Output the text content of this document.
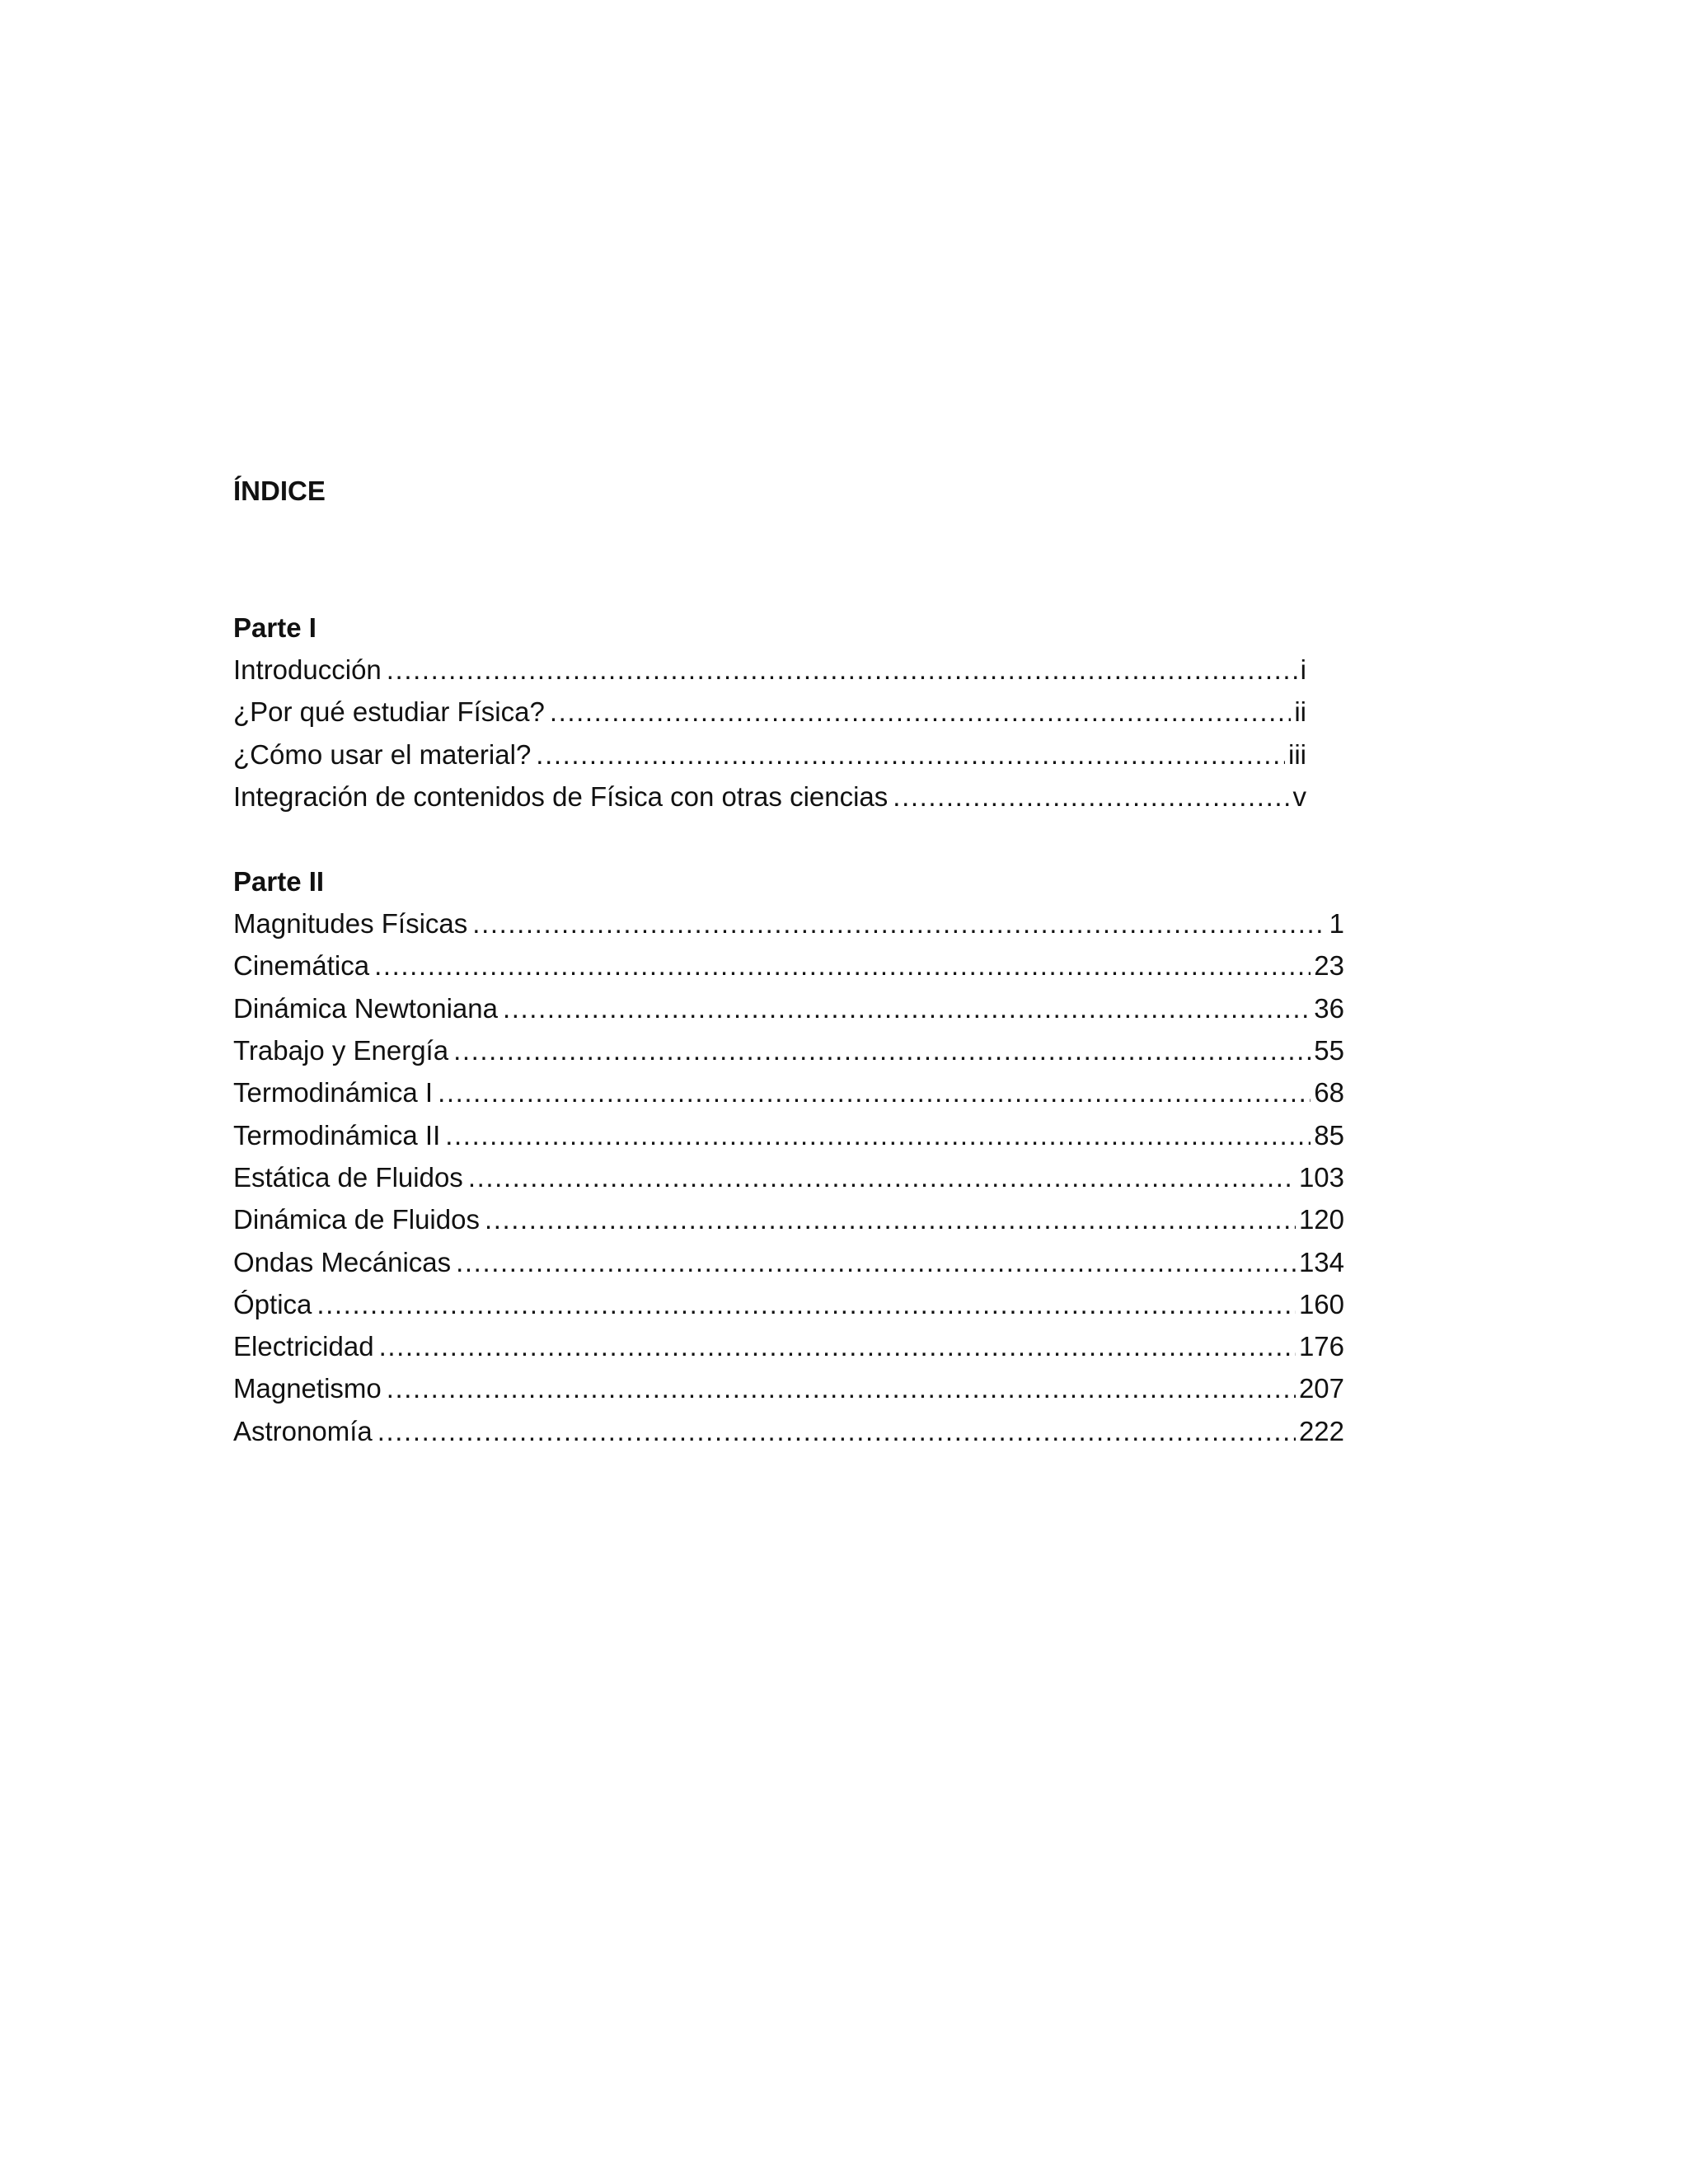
ÍNDICE
Parte I
Introducción .....	i
¿Por qué estudiar Física? .....	ii
¿Cómo usar el material? .....	iii
Integración de contenidos de Física con otras ciencias .....	v
Parte II
Magnitudes Físicas .....	1
Cinemática .....	23
Dinámica Newtoniana .....	36
Trabajo y Energía .....	55
Termodinámica I .....	68
Termodinámica II .....	85
Estática de Fluidos .....	103
Dinámica de Fluidos .....	120
Ondas Mecánicas .....	134
Óptica .....	160
Electricidad .....	176
Magnetismo .....	207
Astronomía .....	222
